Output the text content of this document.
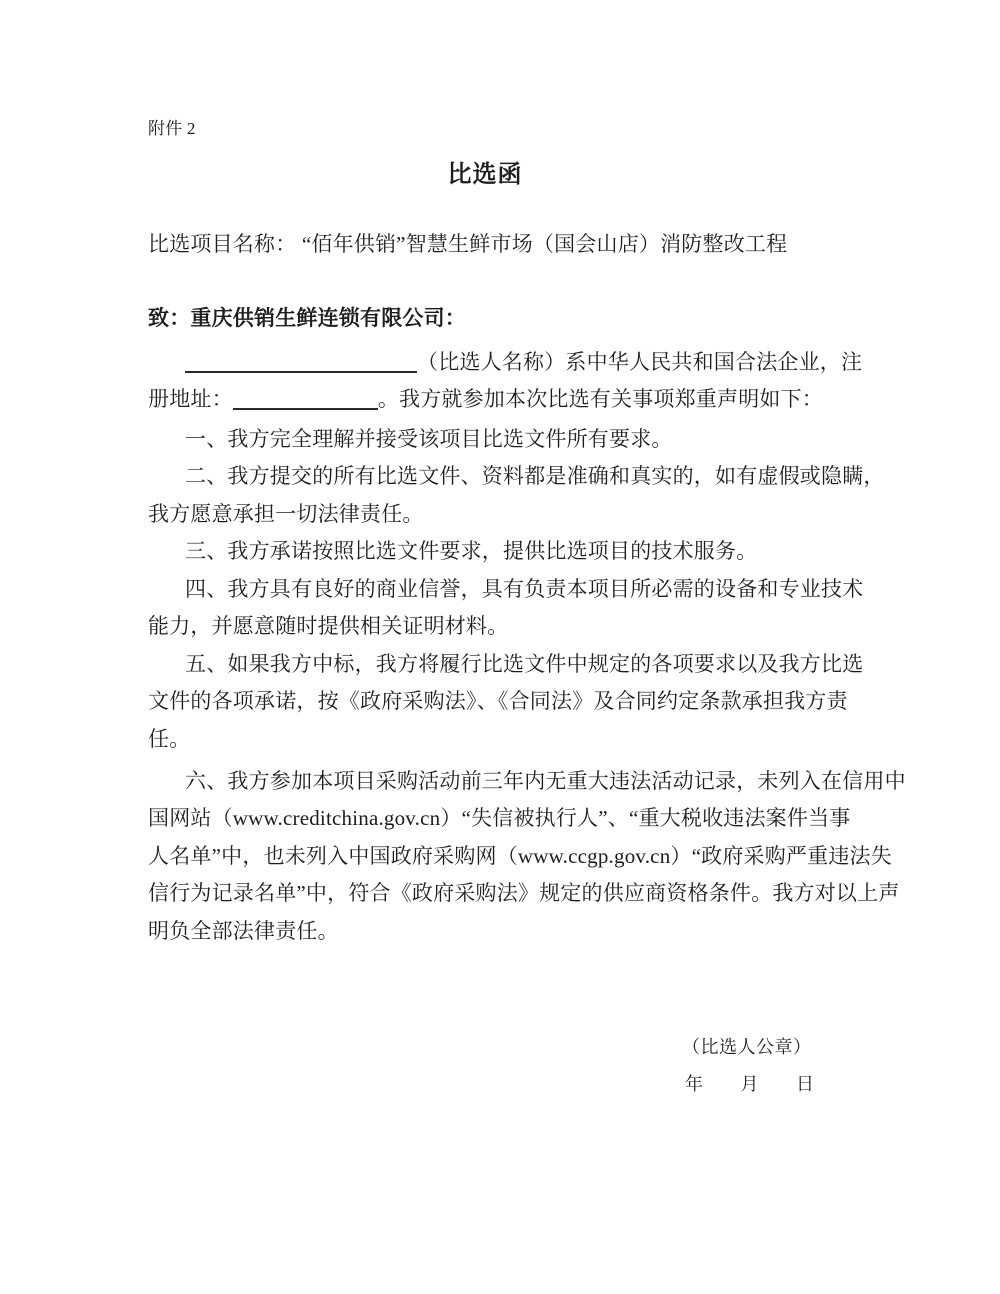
附件 2
比选函
比选项目名称： “佰年供销”智慧生鲜市场（国会山店）消防整改工程
致：重庆供销生鲜连锁有限公司：
（比选人名称）系中华人民共和国合法企业，注
册地址：	。我方就参加本次比选有关事项郑重声明如下：
一、我方完全理解并接受该项目比选文件所有要求。
二、我方提交的所有比选文件、资料都是准确和真实的，如有虚假或隐瞒，
我方愿意承担一切法律责任。
三、我方承诺按照比选文件要求，提供比选项目的技术服务。
四、我方具有良好的商业信誉，具有负责本项目所必需的设备和专业技术
能力，并愿意随时提供相关证明材料。
五、如果我方中标，我方将履行比选文件中规定的各项要求以及我方比选
文件的各项承诺，按《政府采购法》、《合同法》及合同约定条款承担我方责
任。
六、我方参加本项目采购活动前三年内无重大违法活动记录，未列入在信用中
国网站（www.creditchina.gov.cn）“失信被执行人”、“重大税收违法案件当事
人名单”中，也未列入中国政府采购网（www.ccgp.gov.cn）“政府采购严重违法失
信行为记录名单”中，符合《政府采购法》规定的供应商资格条件。我方对以上声
明负全部法律责任。
（比选人公章）
年　　月　　日
